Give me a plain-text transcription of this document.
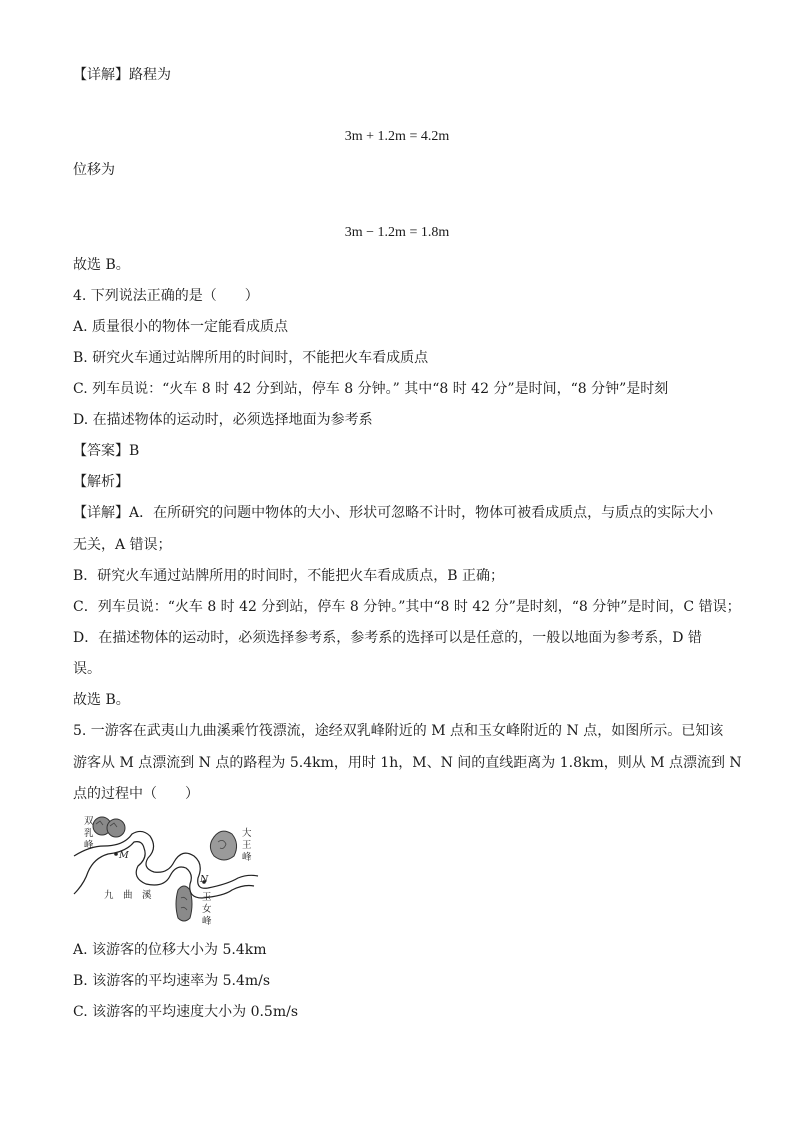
【详解】路程为
3m + 1.2m = 4.2m
位移为
3m − 1.2m = 1.8m
故选 B。
4. 下列说法正确的是（　　）
A. 质量很小的物体一定能看成质点
B. 研究火车通过站牌所用的时间时，不能把火车看成质点
C. 列车员说：“火车 8 时 42 分到站，停车 8 分钟。” 其中“8 时 42 分”是时间，“8 分钟”是时刻
D. 在描述物体的运动时，必须选择地面为参考系
【答案】B
【解析】
【详解】A．在所研究的问题中物体的大小、形状可忽略不计时，物体可被看成质点，与质点的实际大小
无关，A 错误；
B．研究火车通过站牌所用的时间时，不能把火车看成质点，B 正确；
C．列车员说：“火车 8 时 42 分到站，停车 8 分钟。”其中“8 时 42 分”是时刻，“8 分钟”是时间，C 错误；
D．在描述物体的运动时，必须选择参考系，参考系的选择可以是任意的，一般以地面为参考系，D 错
误。
故选 B。
5. 一游客在武夷山九曲溪乘竹筏漂流，途经双乳峰附近的 M 点和玉女峰附近的 N 点，如图所示。已知该
游客从 M 点漂流到 N 点的路程为 5.4km，用时 1h，M、N 间的直线距离为 1.8km，则从 M 点漂流到 N
点的过程中（　　）
M
N
双
乳
峰
大
王
峰
玉
女
峰
九　曲　溪
A. 该游客的位移大小为 5.4km
B. 该游客的平均速率为 5.4m/s
C. 该游客的平均速度大小为 0.5m/s
